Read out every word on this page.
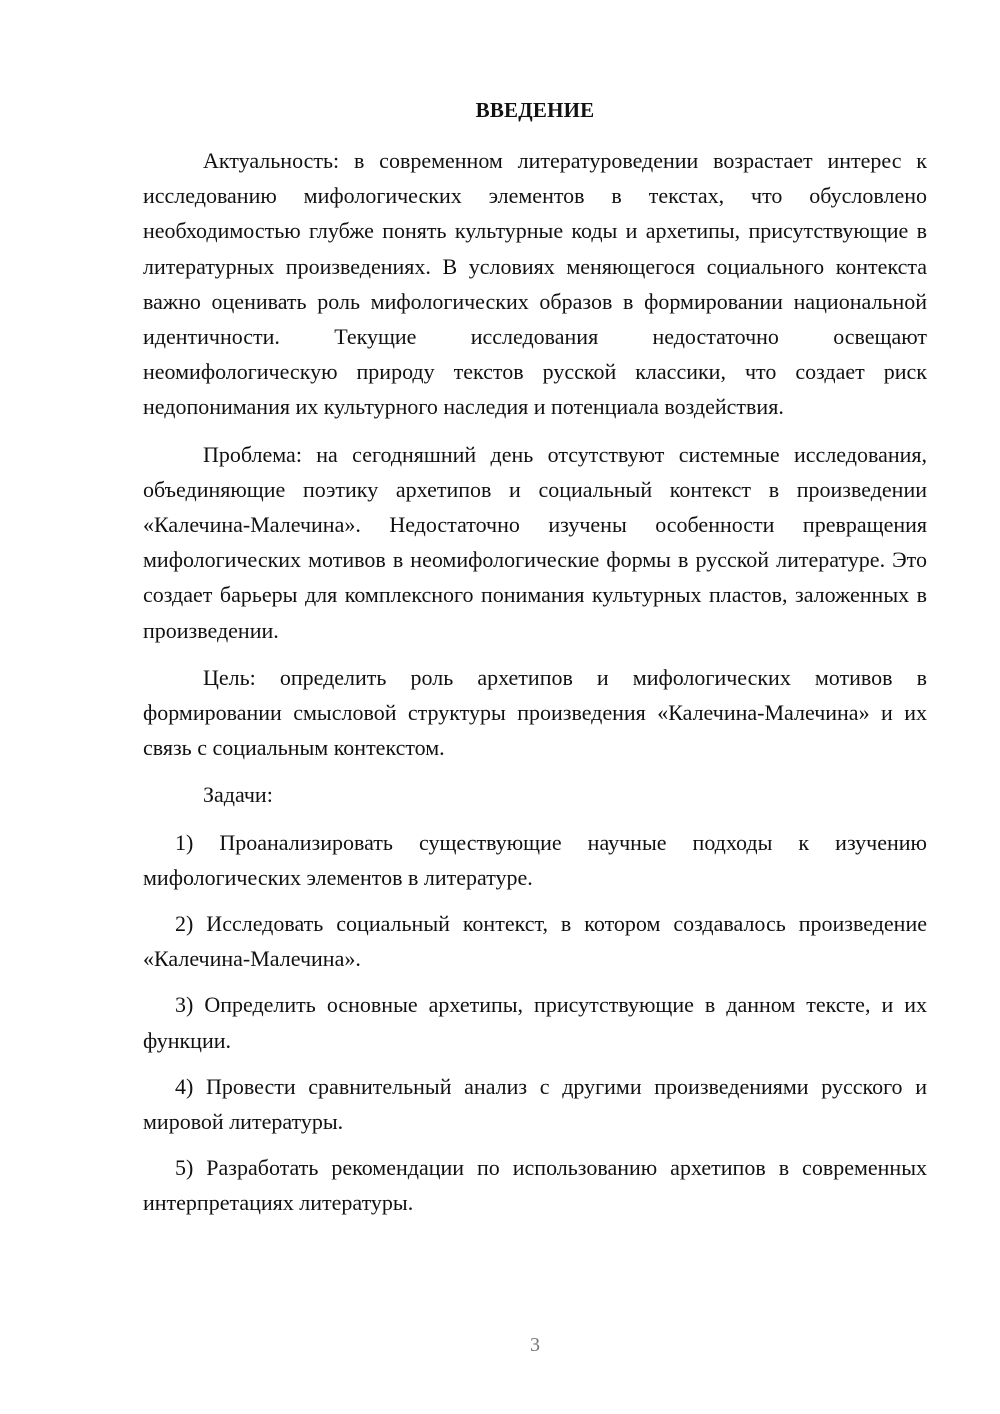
ВВЕДЕНИЕ

Актуальность: в современном литературоведении возрастает интерес к исследованию мифологических элементов в текстах, что обусловлено необходимостью глубже понять культурные коды и архетипы, присутствующие в литературных произведениях. В условиях меняющегося социального контекста важно оценивать роль мифологических образов в формировании национальной идентичности. Текущие исследования недостаточно освещают неомифологическую природу текстов русской классики, что создает риск недопонимания их культурного наследия и потенциала воздействия.

Проблема: на сегодняшний день отсутствуют системные исследования, объединяющие поэтику архетипов и социальный контекст в произведении «Калечина-Малечина». Недостаточно изучены особенности превращения мифологических мотивов в неомифологические формы в русской литературе. Это создает барьеры для комплексного понимания культурных пластов, заложенных в произведении.

Цель: определить роль архетипов и мифологических мотивов в формировании смысловой структуры произведения «Калечина-Малечина» и их связь с социальным контекстом.

Задачи:

1) Проанализировать существующие научные подходы к изучению мифологических элементов в литературе.

2) Исследовать социальный контекст, в котором создавалось произведение «Калечина-Малечина».

3) Определить основные архетипы, присутствующие в данном тексте, и их функции.

4) Провести сравнительный анализ с другими произведениями русского и мировой литературы.

5) Разработать рекомендации по использованию архетипов в современных интерпретациях литературы.

3
